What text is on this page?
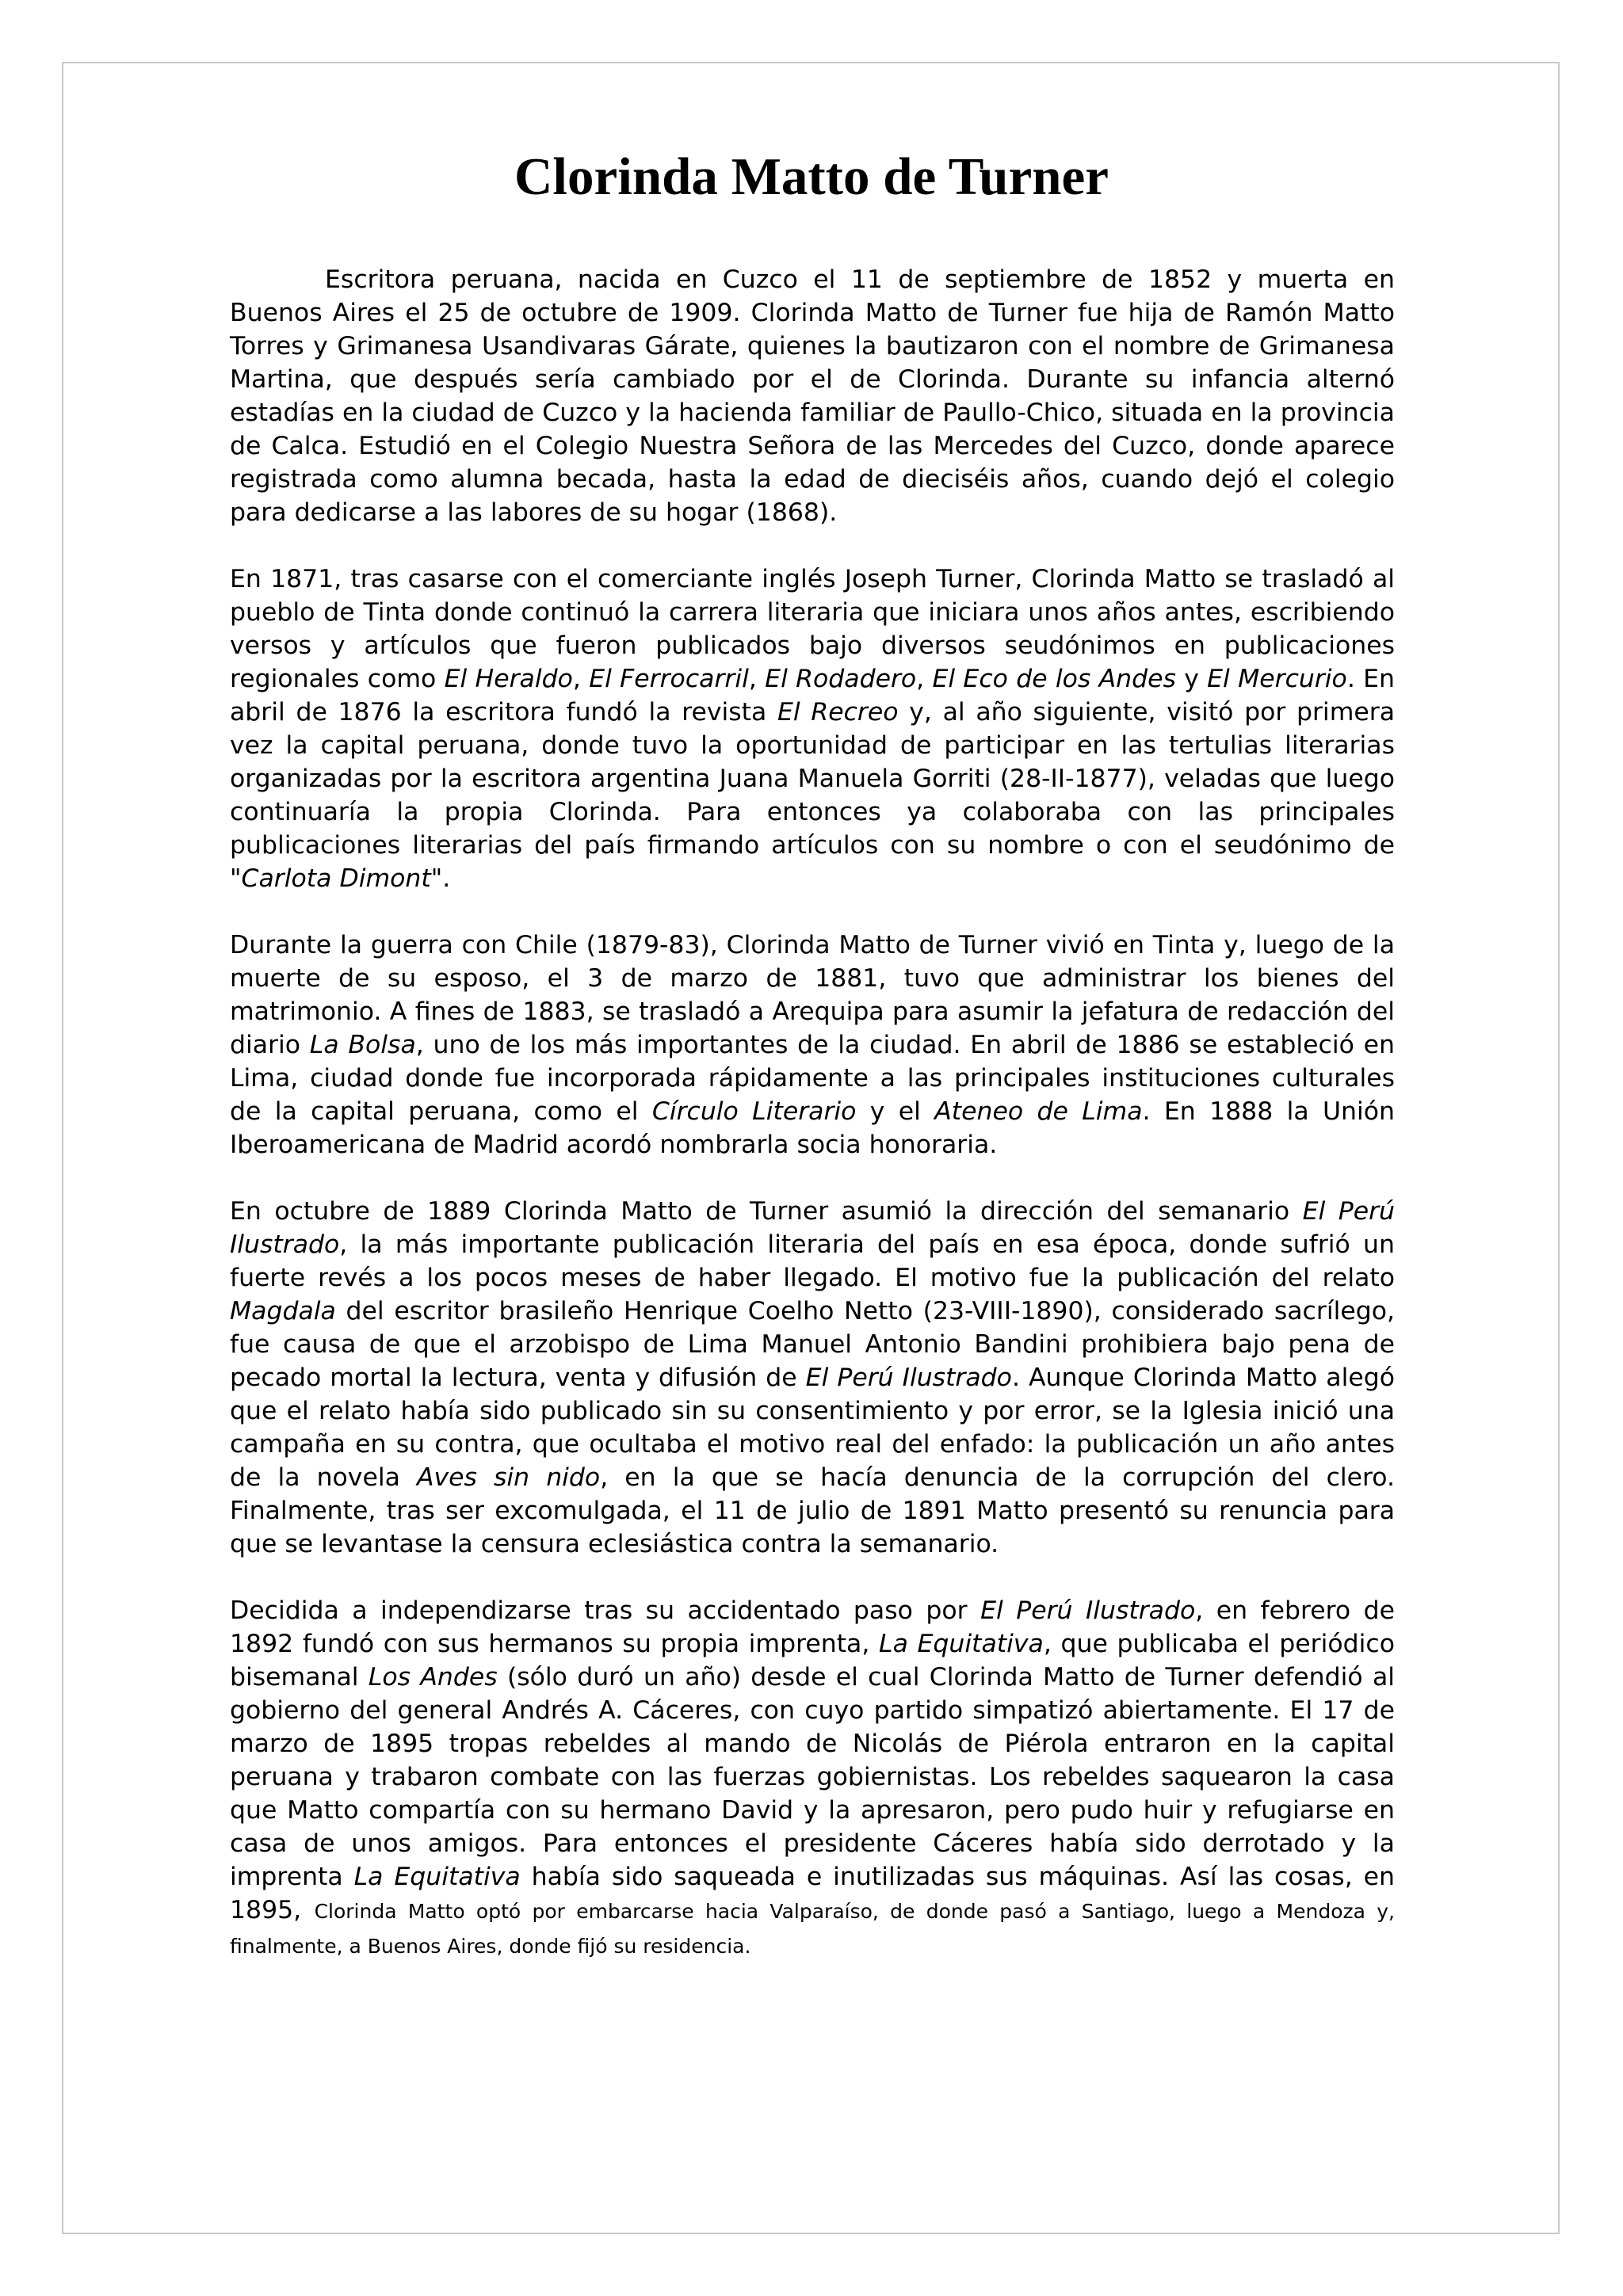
Clorinda Matto de Turner

Escritora peruana, nacida en Cuzco el 11 de septiembre de 1852 y muerta en Buenos Aires el 25 de octubre de 1909. Clorinda Matto de Turner fue hija de Ramón Matto Torres y Grimanesa Usandivaras Gárate, quienes la bautizaron con el nombre de Grimanesa Martina, que después sería cambiado por el de Clorinda. Durante su infancia alternó estadías en la ciudad de Cuzco y la hacienda familiar de Paullo-Chico, situada en la provincia de Calca. Estudió en el Colegio Nuestra Señora de las Mercedes del Cuzco, donde aparece registrada como alumna becada, hasta la edad de dieciséis años, cuando dejó el colegio para dedicarse a las labores de su hogar (1868).

En 1871, tras casarse con el comerciante inglés Joseph Turner, Clorinda Matto se trasladó al pueblo de Tinta donde continuó la carrera literaria que iniciara unos años antes, escribiendo versos y artículos que fueron publicados bajo diversos seudónimos en publicaciones regionales como El Heraldo, El Ferrocarril, El Rodadero, El Eco de los Andes y El Mercurio. En abril de 1876 la escritora fundó la revista El Recreo y, al año siguiente, visitó por primera vez la capital peruana, donde tuvo la oportunidad de participar en las tertulias literarias organizadas por la escritora argentina Juana Manuela Gorriti (28-II-1877), veladas que luego continuaría la propia Clorinda. Para entonces ya colaboraba con las principales publicaciones literarias del país firmando artículos con su nombre o con el seudónimo de "Carlota Dimont".

Durante la guerra con Chile (1879-83), Clorinda Matto de Turner vivió en Tinta y, luego de la muerte de su esposo, el 3 de marzo de 1881, tuvo que administrar los bienes del matrimonio. A fines de 1883, se trasladó a Arequipa para asumir la jefatura de redacción del diario La Bolsa, uno de los más importantes de la ciudad. En abril de 1886 se estableció en Lima, ciudad donde fue incorporada rápidamente a las principales instituciones culturales de la capital peruana, como el Círculo Literario y el Ateneo de Lima. En 1888 la Unión Iberoamericana de Madrid acordó nombrarla socia honoraria.

En octubre de 1889 Clorinda Matto de Turner asumió la dirección del semanario El Perú Ilustrado, la más importante publicación literaria del país en esa época, donde sufrió un fuerte revés a los pocos meses de haber llegado. El motivo fue la publicación del relato Magdala del escritor brasileño Henrique Coelho Netto (23-VIII-1890), considerado sacrílego, fue causa de que el arzobispo de Lima Manuel Antonio Bandini prohibiera bajo pena de pecado mortal la lectura, venta y difusión de El Perú Ilustrado. Aunque Clorinda Matto alegó que el relato había sido publicado sin su consentimiento y por error, se la Iglesia inició una campaña en su contra, que ocultaba el motivo real del enfado: la publicación un año antes de la novela Aves sin nido, en la que se hacía denuncia de la corrupción del clero. Finalmente, tras ser excomulgada, el 11 de julio de 1891 Matto presentó su renuncia para que se levantase la censura eclesiástica contra la semanario.

Decidida a independizarse tras su accidentado paso por El Perú Ilustrado, en febrero de 1892 fundó con sus hermanos su propia imprenta, La Equitativa, que publicaba el periódico bisemanal Los Andes (sólo duró un año) desde el cual Clorinda Matto de Turner defendió al gobierno del general Andrés A. Cáceres, con cuyo partido simpatizó abiertamente. El 17 de marzo de 1895 tropas rebeldes al mando de Nicolás de Piérola entraron en la capital peruana y trabaron combate con las fuerzas gobiernistas. Los rebeldes saquearon la casa que Matto compartía con su hermano David y la apresaron, pero pudo huir y refugiarse en casa de unos amigos. Para entonces el presidente Cáceres había sido derrotado y la imprenta La Equitativa había sido saqueada e inutilizadas sus máquinas. Así las cosas, en 1895, Clorinda Matto optó por embarcarse hacia Valparaíso, de donde pasó a Santiago, luego a Mendoza y, finalmente, a Buenos Aires, donde fijó su residencia.
